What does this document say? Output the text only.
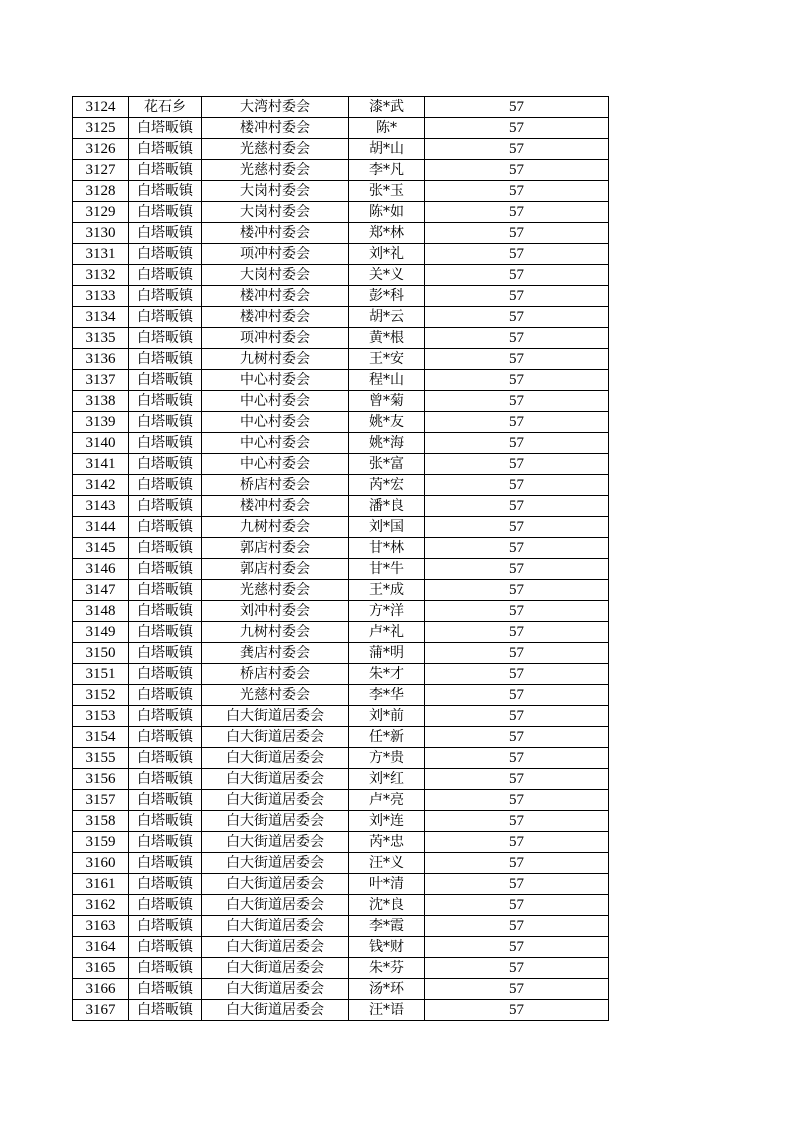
3124	花石乡	大湾村委会	漆*武	57
3125	白塔畈镇	楼冲村委会	陈*	57
3126	白塔畈镇	光慈村委会	胡*山	57
3127	白塔畈镇	光慈村委会	李*凡	57
3128	白塔畈镇	大岗村委会	张*玉	57
3129	白塔畈镇	大岗村委会	陈*如	57
3130	白塔畈镇	楼冲村委会	郑*林	57
3131	白塔畈镇	项冲村委会	刘*礼	57
3132	白塔畈镇	大岗村委会	关*义	57
3133	白塔畈镇	楼冲村委会	彭*科	57
3134	白塔畈镇	楼冲村委会	胡*云	57
3135	白塔畈镇	项冲村委会	黄*根	57
3136	白塔畈镇	九树村委会	王*安	57
3137	白塔畈镇	中心村委会	程*山	57
3138	白塔畈镇	中心村委会	曾*菊	57
3139	白塔畈镇	中心村委会	姚*友	57
3140	白塔畈镇	中心村委会	姚*海	57
3141	白塔畈镇	中心村委会	张*富	57
3142	白塔畈镇	桥店村委会	芮*宏	57
3143	白塔畈镇	楼冲村委会	潘*良	57
3144	白塔畈镇	九树村委会	刘*国	57
3145	白塔畈镇	郭店村委会	甘*林	57
3146	白塔畈镇	郭店村委会	甘*牛	57
3147	白塔畈镇	光慈村委会	王*成	57
3148	白塔畈镇	刘冲村委会	方*洋	57
3149	白塔畈镇	九树村委会	卢*礼	57
3150	白塔畈镇	龚店村委会	蒲*明	57
3151	白塔畈镇	桥店村委会	朱*才	57
3152	白塔畈镇	光慈村委会	李*华	57
3153	白塔畈镇	白大街道居委会	刘*前	57
3154	白塔畈镇	白大街道居委会	任*新	57
3155	白塔畈镇	白大街道居委会	方*贵	57
3156	白塔畈镇	白大街道居委会	刘*红	57
3157	白塔畈镇	白大街道居委会	卢*亮	57
3158	白塔畈镇	白大街道居委会	刘*连	57
3159	白塔畈镇	白大街道居委会	芮*忠	57
3160	白塔畈镇	白大街道居委会	汪*义	57
3161	白塔畈镇	白大街道居委会	叶*清	57
3162	白塔畈镇	白大街道居委会	沈*良	57
3163	白塔畈镇	白大街道居委会	李*霞	57
3164	白塔畈镇	白大街道居委会	钱*财	57
3165	白塔畈镇	白大街道居委会	朱*芬	57
3166	白塔畈镇	白大街道居委会	汤*环	57
3167	白塔畈镇	白大街道居委会	汪*语	57
